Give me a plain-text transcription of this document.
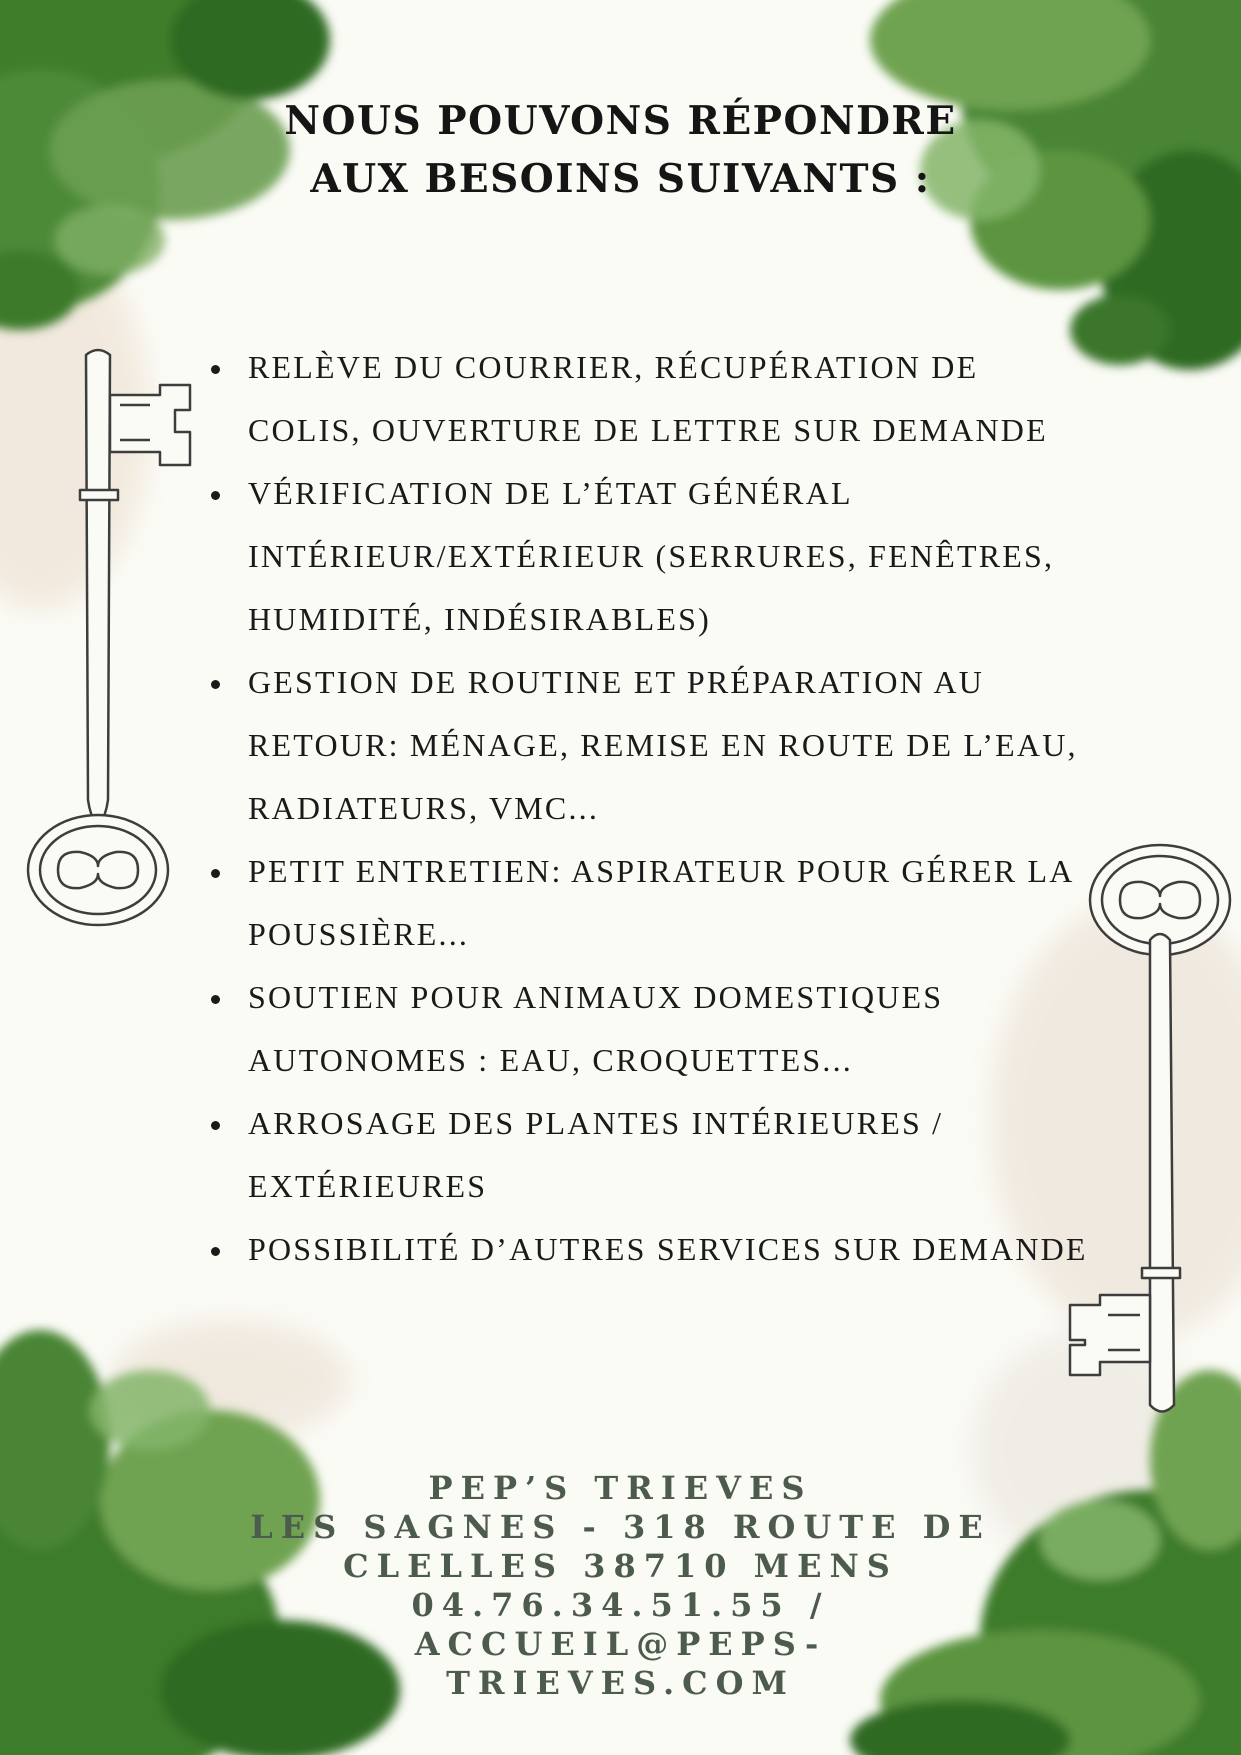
NOUS POUVONS RÉPONDRE
AUX BESOINS SUIVANTS :
RELÈVE DU COURRIER, RÉCUPÉRATION DE COLIS, OUVERTURE DE LETTRE SUR DEMANDE
VÉRIFICATION DE L’ÉTAT GÉNÉRAL INTÉRIEUR/EXTÉRIEUR (SERRURES, FENÊTRES, HUMIDITÉ, INDÉSIRABLES)
GESTION DE ROUTINE ET PRÉPARATION AU RETOUR: MÉNAGE, REMISE EN ROUTE DE L’EAU, RADIATEURS, VMC...
PETIT ENTRETIEN: ASPIRATEUR POUR GÉRER LA POUSSIÈRE...
SOUTIEN POUR ANIMAUX DOMESTIQUES AUTONOMES : EAU, CROQUETTES...
ARROSAGE DES PLANTES INTÉRIEURES / EXTÉRIEURES
POSSIBILITÉ D’AUTRES SERVICES SUR DEMANDE
PEP’S TRIEVES
LES SAGNES - 318 ROUTE DE
CLELLES 38710 MENS
04.76.34.51.55 /
ACCUEIL@PEPS-
TRIEVES.COM
